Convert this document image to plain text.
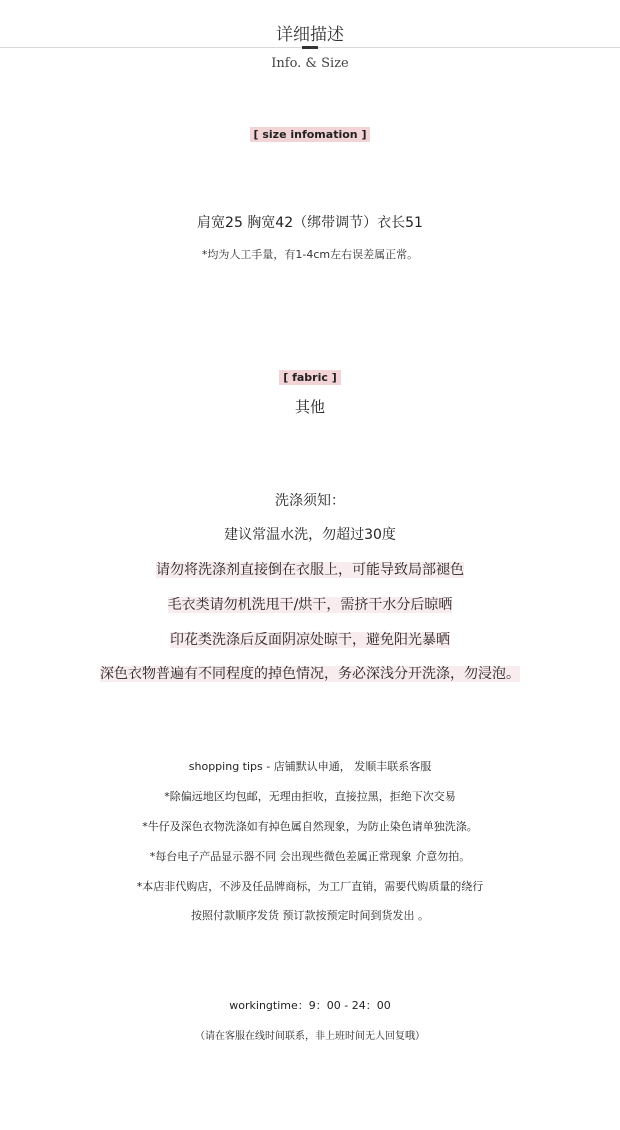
详细描述
Info. & Size
[ size infomation ]
肩宽25 胸宽42（绑带调节）衣长51
*均为人工手量，有1-4cm左右误差属正常。
[ fabric ]
其他
洗涤须知：
建议常温水洗，勿超过30度
请勿将洗涤剂直接倒在衣服上，可能导致局部褪色
毛衣类请勿机洗甩干/烘干，需挤干水分后晾晒
印花类洗涤后反面阴凉处晾干，避免阳光暴晒
深色衣物普遍有不同程度的掉色情况，务必深浅分开洗涤，勿浸泡。
shopping tips - 店铺默认申通， 发顺丰联系客服
*除偏远地区均包邮，无理由拒收，直接拉黑，拒绝下次交易
*牛仔及深色衣物洗涤如有掉色属自然现象，为防止染色请单独洗涤。
*每台电子产品显示器不同 会出现些微色差属正常现象 介意勿拍。
*本店非代购店，不涉及任品牌商标，为工厂直销，需要代购质量的绕行
按照付款顺序发货 预订款按预定时间到货发出 。
workingtime：9：00 - 24：00
（请在客服在线时间联系，非上班时间无人回复哦）
